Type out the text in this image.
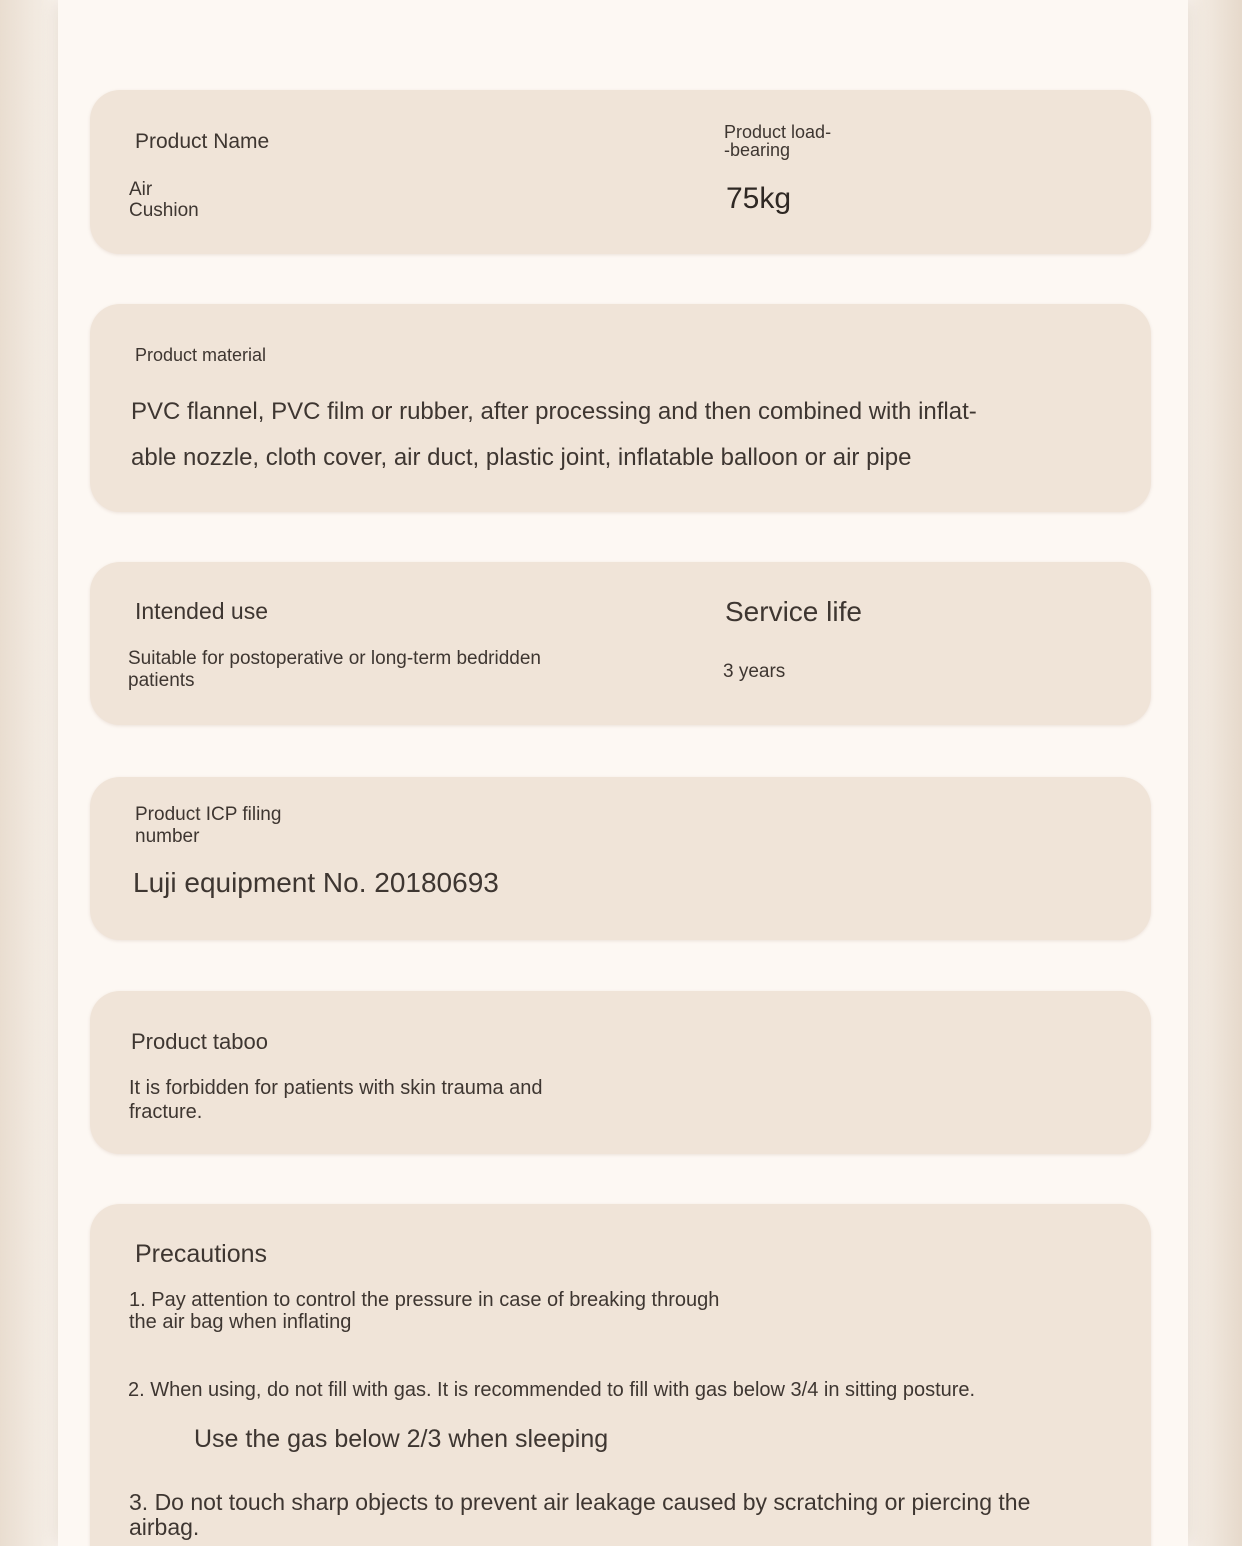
Product Name
Air
Cushion
Product load-
-bearing
75kg
Product material
PVC flannel, PVC film or rubber, after processing and then combined with inflat-
able nozzle, cloth cover, air duct, plastic joint, inflatable balloon or air pipe
Intended use
Suitable for postoperative or long-term bedridden
patients
Service life
3 years
Product ICP filing
number
Luji equipment No. 20180693
Product taboo
It is forbidden for patients with skin trauma and
fracture.
Precautions
1. Pay attention to control the pressure in case of breaking through
the air bag when inflating
2. When using, do not fill with gas. It is recommended to fill with gas below 3/4 in sitting posture.
Use the gas below 2/3 when sleeping
3. Do not touch sharp objects to prevent air leakage caused by scratching or piercing the
airbag.
